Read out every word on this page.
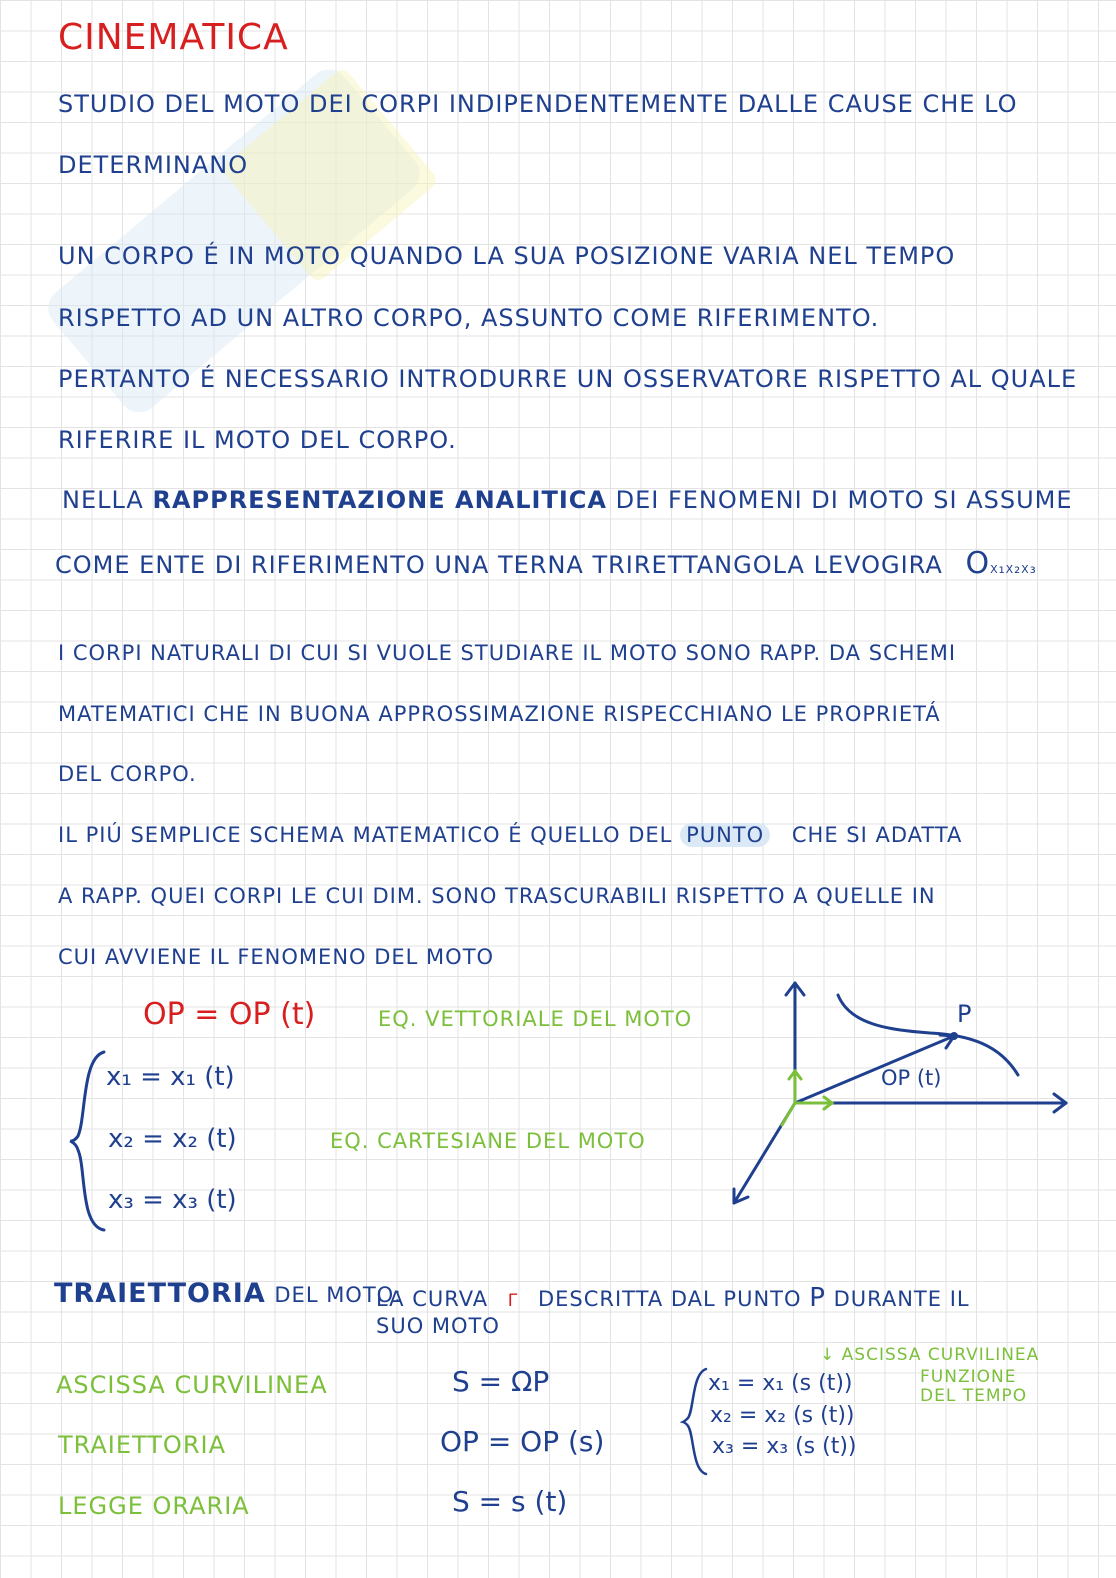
CINEMATICA
STUDIO DEL MOTO DEI CORPI INDIPENDENTEMENTE DALLE CAUSE CHE LO
DETERMINANO
UN CORPO É IN MOTO QUANDO LA SUA POSIZIONE VARIA NEL TEMPO
RISPETTO AD UN ALTRO CORPO, ASSUNTO COME RIFERIMENTO.
PERTANTO É NECESSARIO INTRODURRE UN OSSERVATORE RISPETTO AL QUALE
RIFERIRE IL MOTO DEL CORPO.
NELLA RAPPRESENTAZIONE ANALITICA DEI FENOMENI DI MOTO SI ASSUME
COME ENTE DI RIFERIMENTO UNA TERNA TRIRETTANGOLA LEVOGIRA Ox₁x₂x₃
I CORPI NATURALI DI CUI SI VUOLE STUDIARE IL MOTO SONO RAPP. DA SCHEMI
MATEMATICI CHE IN BUONA APPROSSIMAZIONE RISPECCHIANO LE PROPRIETÁ
DEL CORPO.
IL PIÚ SEMPLICE SCHEMA MATEMATICO É QUELLO DEL PUNTO CHE SI ADATTA
A RAPP. QUEI CORPI LE CUI DIM. SONO TRASCURABILI RISPETTO A QUELLE IN
CUI AVVIENE IL FENOMENO DEL MOTO
OP = OP (t)	EQ. VETTORIALE DEL MOTO
x₁ = x₁ (t)
x₂ = x₂ (t)
x₃ = x₃ (t)
EQ. CARTESIANE DEL MOTO
P
OP (t)
TRAIETTORIA DEL MOTO:
LA CURVA γ DESCRITTA DAL PUNTO P DURANTE IL
SUO MOTO
ASCISSA CURVILINEA	S = ΩP
TRAIETTORIA	OP = OP (s)
LEGGE ORARIA	S = s (t)
x₁ = x₁ (s (t))
x₂ = x₂ (s (t))
x₃ = x₃ (s (t))
↓ ASCISSA CURVILINEA
FUNZIONE
DEL TEMPO
